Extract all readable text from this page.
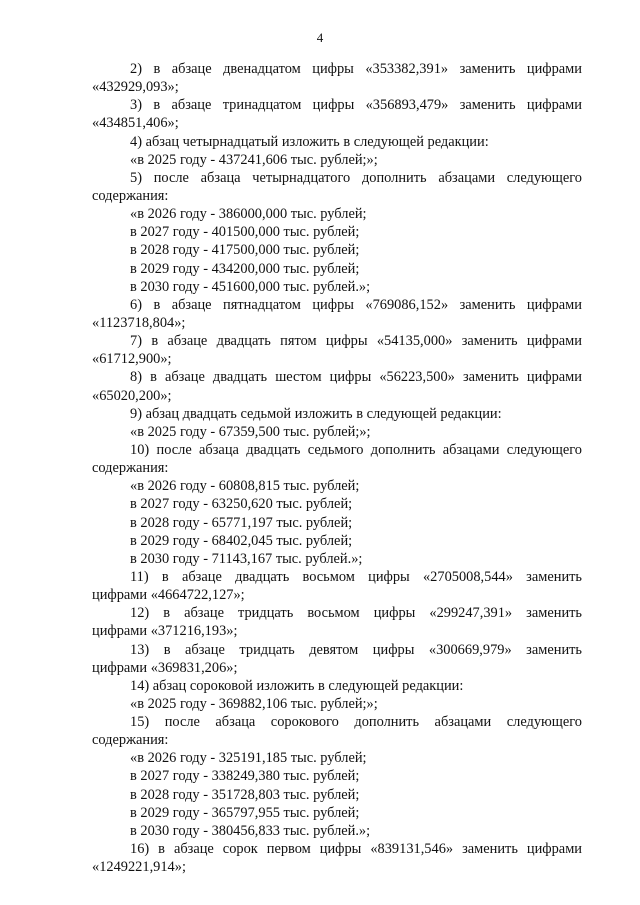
4
2) в абзаце двенадцатом цифры «353382,391» заменить цифрами
«432929,093»;
3) в абзаце тринадцатом цифры «356893,479» заменить цифрами
«434851,406»;
4) абзац четырнадцатый изложить в следующей редакции:
«в 2025 году - 437241,606 тыс. рублей;»;
5) после абзаца четырнадцатого дополнить абзацами следующего
содержания:
«в 2026 году - 386000,000 тыс. рублей;
в 2027 году - 401500,000 тыс. рублей;
в 2028 году - 417500,000 тыс. рублей;
в 2029 году - 434200,000 тыс. рублей;
в 2030 году - 451600,000 тыс. рублей.»;
6) в абзаце пятнадцатом цифры «769086,152» заменить цифрами
«1123718,804»;
7) в абзаце двадцать пятом цифры «54135,000» заменить цифрами
«61712,900»;
8) в абзаце двадцать шестом цифры «56223,500» заменить цифрами
«65020,200»;
9) абзац двадцать седьмой изложить в следующей редакции:
«в 2025 году - 67359,500 тыс. рублей;»;
10) после абзаца двадцать седьмого дополнить абзацами следующего
содержания:
«в 2026 году - 60808,815 тыс. рублей;
в 2027 году - 63250,620 тыс. рублей;
в 2028 году - 65771,197 тыс. рублей;
в 2029 году - 68402,045 тыс. рублей;
в 2030 году - 71143,167 тыс. рублей.»;
11) в абзаце двадцать восьмом цифры «2705008,544» заменить
цифрами «4664722,127»;
12) в абзаце тридцать восьмом цифры «299247,391» заменить
цифрами «371216,193»;
13) в абзаце тридцать девятом цифры «300669,979» заменить
цифрами «369831,206»;
14) абзац сороковой изложить в следующей редакции:
«в 2025 году - 369882,106 тыс. рублей;»;
15) после абзаца сорокового дополнить абзацами следующего
содержания:
«в 2026 году - 325191,185 тыс. рублей;
в 2027 году - 338249,380 тыс. рублей;
в 2028 году - 351728,803 тыс. рублей;
в 2029 году - 365797,955 тыс. рублей;
в 2030 году - 380456,833 тыс. рублей.»;
16) в абзаце сорок первом цифры «839131,546» заменить цифрами
«1249221,914»;
